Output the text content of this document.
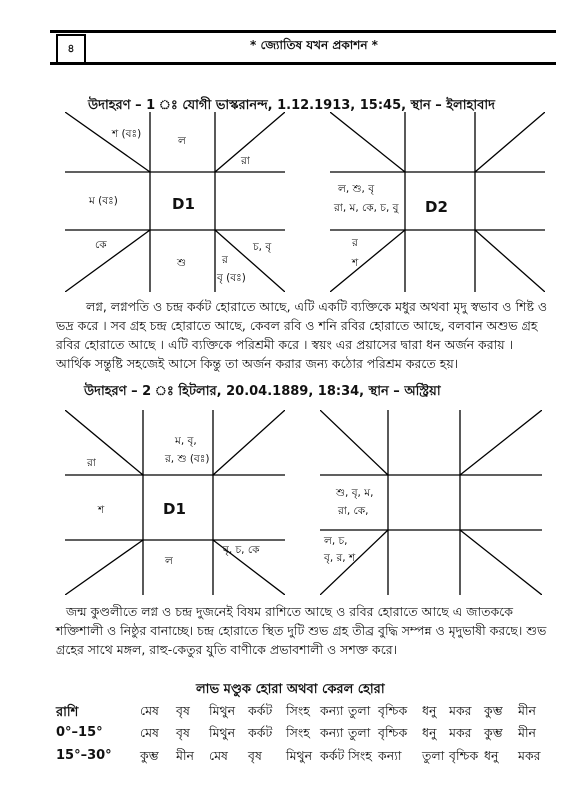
৪	* জ্যোতিষ যখন প্রকাশন *
উদাহরণ – 1 ঃ যোগী ভাস্করানন্দ, 1.12.1913, 15:45, স্থান – ইলাহাবাদ
শ (বঃ)
ল
রা
ম (বঃ)	D1
কে
শু	র
বৃ (বঃ)
চ, বৃ
ল, শু, বৃ
রা, ম, কে, চ, বু D2
র
শ
লগ্ন, লগ্নপতি ও চন্দ্র কর্কট হোরাতে আছে, এটি একটি ব্যক্তিকে মধুর অথবা মৃদু স্বভাব ও শিষ্ট ও
ভদ্র করে । সব গ্রহ চন্দ্র হোরাতে আছে, কেবল রবি ও শনি রবির হোরাতে আছে, বলবান অশুভ গ্রহ
রবির হোরাতে আছে । এটি ব্যক্তিকে পরিশ্রমী করে । স্বয়ং এর প্রয়াসের দ্বারা ধন অর্জন করায় ।
আর্থিক সন্তুষ্টি সহজেই আসে কিন্তু তা অর্জন করার জন্য কঠোর পরিশ্রম করতে হয়।
উদাহরণ – 2 ঃ হিটলার, 20.04.1889, 18:34, স্থান – অস্ট্রিয়া
ম, বৃ,
র, শু (বঃ)
রা
শ	D1
ল
বৃ, চ, কে
শু, বৃ, ম,
রা, কে,
ল, চ,
বৃ, র, শ
জন্ম কুণ্ডলীতে লগ্ন ও চন্দ্র দুজনেই বিষম রাশিতে আছে ও রবির হোরাতে আছে এ জাতককে
শক্তিশালী ও নিষ্ঠুর বানাচ্ছে। চন্দ্র হোরাতে স্থিত দুটি শুভ গ্রহ তীব্র বুদ্ধি সম্পন্ন ও মৃদুভাষী করছে। শুভ
গ্রহের সাথে মঙ্গল, রাহু-কেতুর যুতি বাণীকে প্রভাবশালী ও সশক্ত করে।
লাভ মণ্ডুক হোরা অথবা কেরল হোরা
রাশি	মেষ বৃষ মিথুন কর্কট সিংহ কন্যা তুলা বৃশ্চিক ধনু মকর কুম্ভ মীন
0°–15°	মেষ বৃষ মিথুন কর্কট সিংহ কন্যা তুলা বৃশ্চিক ধনু মকর কুম্ভ মীন
15°–30° কুম্ভ মীন মেষ বৃষ মিথুন কর্কট সিংহ কন্যা তুলা বৃশ্চিক ধনু মকর
